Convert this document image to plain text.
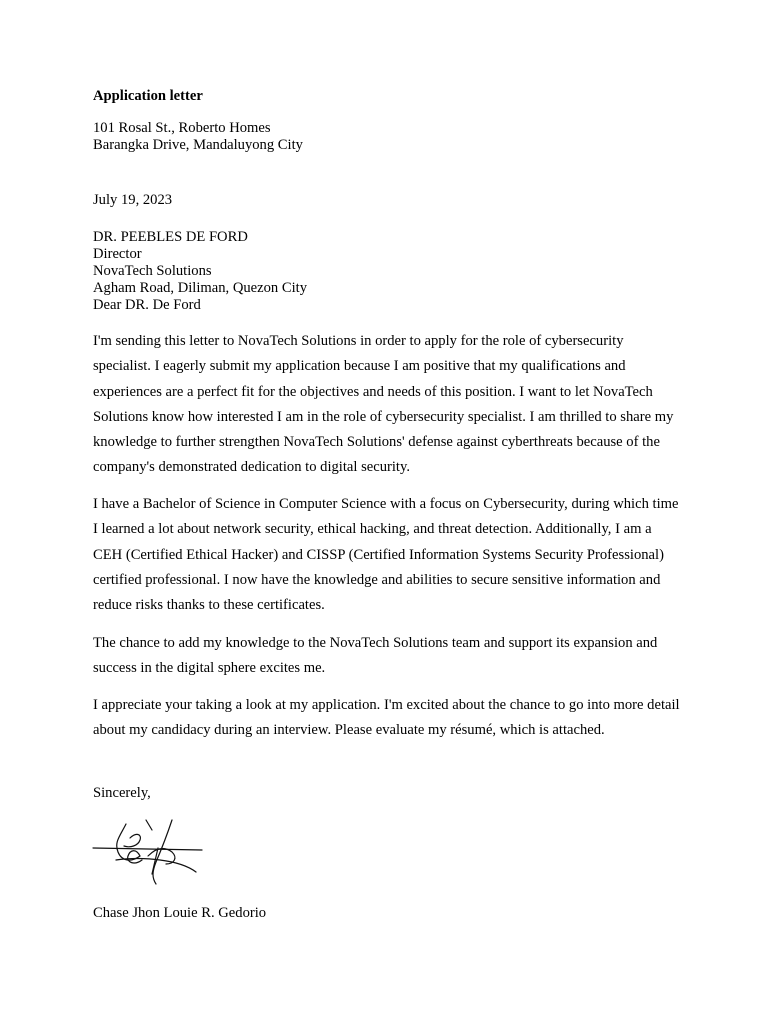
Application letter
101 Rosal St., Roberto Homes
Barangka Drive, Mandaluyong City
July 19, 2023
DR. PEEBLES DE FORD
Director
NovaTech Solutions
Agham Road, Diliman, Quezon City
Dear DR. De Ford
I'm sending this letter to NovaTech Solutions in order to apply for the role of cybersecurity specialist. I eagerly submit my application because I am positive that my qualifications and experiences are a perfect fit for the objectives and needs of this position. I want to let NovaTech Solutions know how interested I am in the role of cybersecurity specialist. I am thrilled to share my knowledge to further strengthen NovaTech Solutions' defense against cyberthreats because of the company's demonstrated dedication to digital security.
I have a Bachelor of Science in Computer Science with a focus on Cybersecurity, during which time I learned a lot about network security, ethical hacking, and threat detection. Additionally, I am a CEH (Certified Ethical Hacker) and CISSP (Certified Information Systems Security Professional) certified professional. I now have the knowledge and abilities to secure sensitive information and reduce risks thanks to these certificates.
The chance to add my knowledge to the NovaTech Solutions team and support its expansion and success in the digital sphere excites me.
I appreciate your taking a look at my application. I'm excited about the chance to go into more detail about my candidacy during an interview. Please evaluate my résumé, which is attached.
Sincerely,
Chase Jhon Louie R. Gedorio
